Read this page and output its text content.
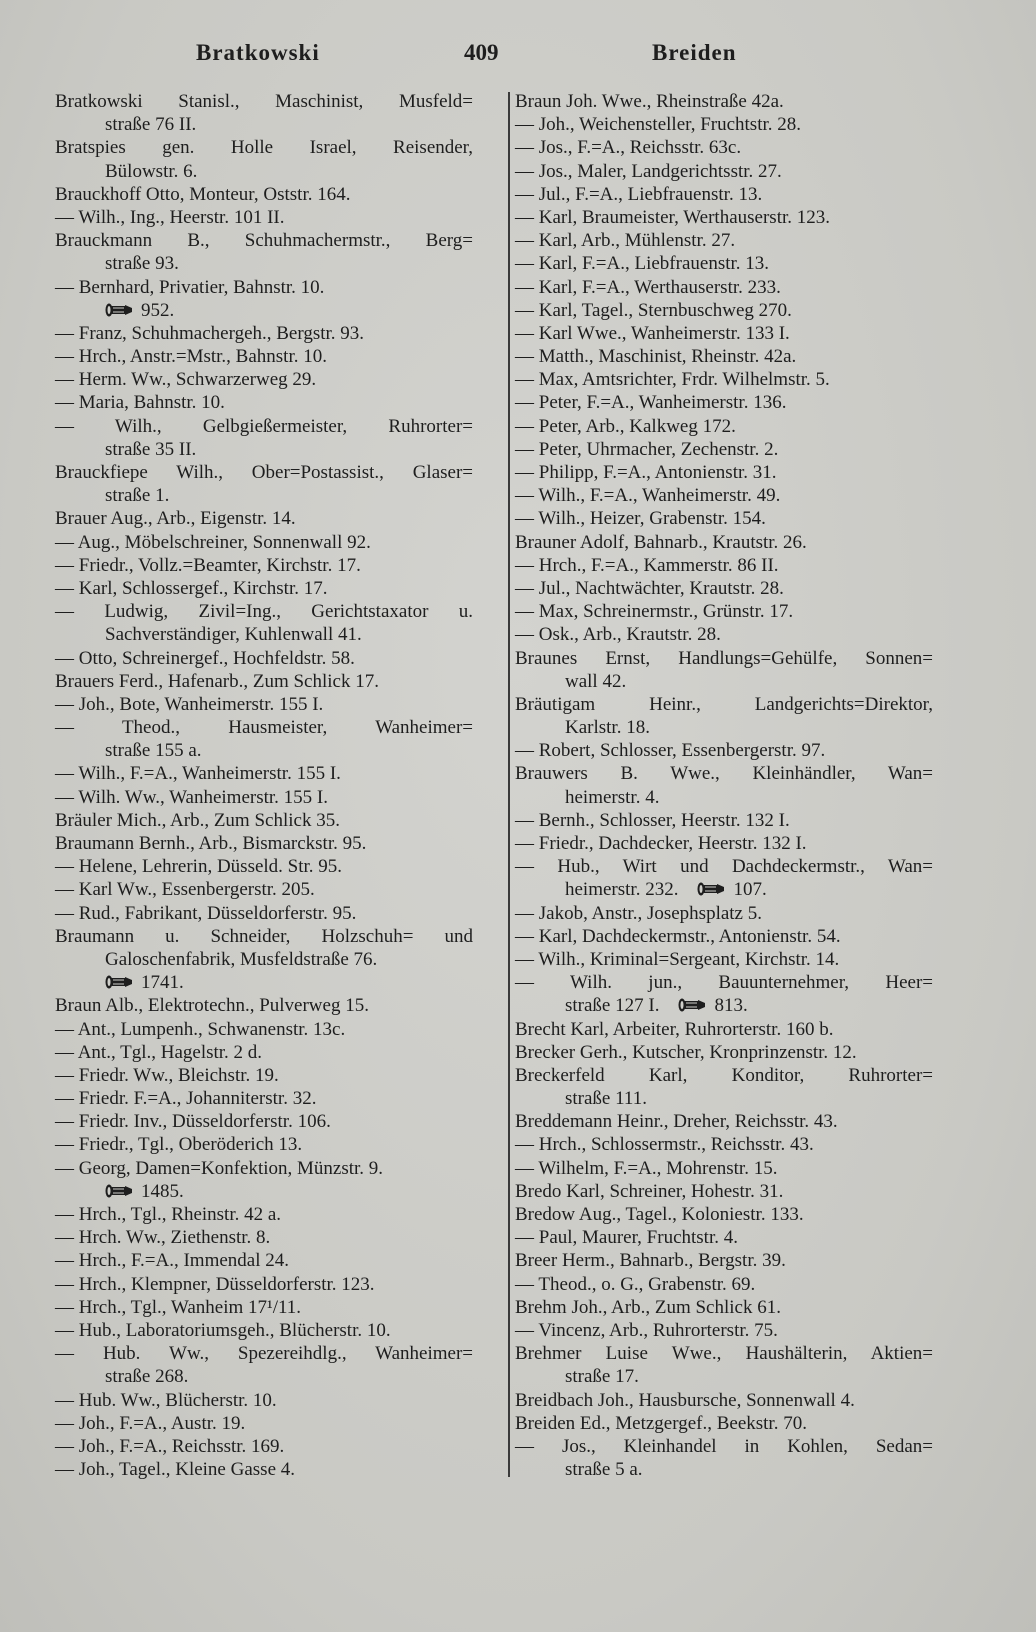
Bratkowski	409	Breiden
Bratkowski Stanisl., Maschinist, Musfeld=
straße 76 II.
Bratspies gen. Holle Israel, Reisender,
Bülowstr. 6.
Brauckhoff Otto, Monteur, Oststr. 164.
— Wilh., Ing., Heerstr. 101 II.
Brauckmann B., Schuhmachermstr., Berg=
straße 93.
— Bernhard, Privatier, Bahnstr. 10.
952.
— Franz, Schuhmachergeh., Bergstr. 93.
— Hrch., Anstr.=Mstr., Bahnstr. 10.
— Herm. Ww., Schwarzerweg 29.
— Maria, Bahnstr. 10.
— Wilh., Gelbgießermeister, Ruhrorter=
straße 35 II.
Brauckfiepe Wilh., Ober=Postassist., Glaser=
straße 1.
Brauer Aug., Arb., Eigenstr. 14.
— Aug., Möbelschreiner, Sonnenwall 92.
— Friedr., Vollz.=Beamter, Kirchstr. 17.
— Karl, Schlossergef., Kirchstr. 17.
— Ludwig, Zivil=Ing., Gerichtstaxator u.
Sachverständiger, Kuhlenwall 41.
— Otto, Schreinergef., Hochfeldstr. 58.
Brauers Ferd., Hafenarb., Zum Schlick 17.
— Joh., Bote, Wanheimerstr. 155 I.
— Theod., Hausmeister, Wanheimer=
straße 155 a.
— Wilh., F.=A., Wanheimerstr. 155 I.
— Wilh. Ww., Wanheimerstr. 155 I.
Bräuler Mich., Arb., Zum Schlick 35.
Braumann Bernh., Arb., Bismarckstr. 95.
— Helene, Lehrerin, Düsseld. Str. 95.
— Karl Ww., Essenbergerstr. 205.
— Rud., Fabrikant, Düsseldorferstr. 95.
Braumann u. Schneider, Holzschuh= und
Galoschenfabrik, Musfeldstraße 76.
1741.
Braun Alb., Elektrotechn., Pulverweg 15.
— Ant., Lumpenh., Schwanenstr. 13c.
— Ant., Tgl., Hagelstr. 2 d.
— Friedr. Ww., Bleichstr. 19.
— Friedr. F.=A., Johanniterstr. 32.
— Friedr. Inv., Düsseldorferstr. 106.
— Friedr., Tgl., Oberöderich 13.
— Georg, Damen=Konfektion, Münzstr. 9.
1485.
— Hrch., Tgl., Rheinstr. 42 a.
— Hrch. Ww., Ziethenstr. 8.
— Hrch., F.=A., Immendal 24.
— Hrch., Klempner, Düsseldorferstr. 123.
— Hrch., Tgl., Wanheim 17¹/11.
— Hub., Laboratoriumsgeh., Blücherstr. 10.
— Hub. Ww., Spezereihdlg., Wanheimer=
straße 268.
— Hub. Ww., Blücherstr. 10.
— Joh., F.=A., Austr. 19.
— Joh., F.=A., Reichsstr. 169.
— Joh., Tagel., Kleine Gasse 4.
Braun Joh. Wwe., Rheinstraße 42a.
— Joh., Weichensteller, Fruchtstr. 28.
— Jos., F.=A., Reichsstr. 63c.
— Jos., Maler, Landgerichtsstr. 27.
— Jul., F.=A., Liebfrauenstr. 13.
— Karl, Braumeister, Werthauserstr. 123.
— Karl, Arb., Mühlenstr. 27.
— Karl, F.=A., Liebfrauenstr. 13.
— Karl, F.=A., Werthauserstr. 233.
— Karl, Tagel., Sternbuschweg 270.
— Karl Wwe., Wanheimerstr. 133 I.
— Matth., Maschinist, Rheinstr. 42a.
— Max, Amtsrichter, Frdr. Wilhelmstr. 5.
— Peter, F.=A., Wanheimerstr. 136.
— Peter, Arb., Kalkweg 172.
— Peter, Uhrmacher, Zechenstr. 2.
— Philipp, F.=A., Antonienstr. 31.
— Wilh., F.=A., Wanheimerstr. 49.
— Wilh., Heizer, Grabenstr. 154.
Brauner Adolf, Bahnarb., Krautstr. 26.
— Hrch., F.=A., Kammerstr. 86 II.
— Jul., Nachtwächter, Krautstr. 28.
— Max, Schreinermstr., Grünstr. 17.
— Osk., Arb., Krautstr. 28.
Braunes Ernst, Handlungs=Gehülfe, Sonnen=
wall 42.
Bräutigam Heinr., Landgerichts=Direktor,
Karlstr. 18.
— Robert, Schlosser, Essenbergerstr. 97.
Brauwers B. Wwe., Kleinhändler, Wan=
heimerstr. 4.
— Bernh., Schlosser, Heerstr. 132 I.
— Friedr., Dachdecker, Heerstr. 132 I.
— Hub., Wirt und Dachdeckermstr., Wan=
heimerstr. 232. 	107.
— Jakob, Anstr., Josephsplatz 5.
— Karl, Dachdeckermstr., Antonienstr. 54.
— Wilh., Kriminal=Sergeant, Kirchstr. 14.
— Wilh. jun., Bauunternehmer, Heer=
straße 127 I. 	813.
Brecht Karl, Arbeiter, Ruhrorterstr. 160 b.
Brecker Gerh., Kutscher, Kronprinzenstr. 12.
Breckerfeld Karl, Konditor, Ruhrorter=
straße 111.
Breddemann Heinr., Dreher, Reichsstr. 43.
— Hrch., Schlossermstr., Reichsstr. 43.
— Wilhelm, F.=A., Mohrenstr. 15.
Bredo Karl, Schreiner, Hohestr. 31.
Bredow Aug., Tagel., Koloniestr. 133.
— Paul, Maurer, Fruchtstr. 4.
Breer Herm., Bahnarb., Bergstr. 39.
— Theod., o. G., Grabenstr. 69.
Brehm Joh., Arb., Zum Schlick 61.
— Vincenz, Arb., Ruhrorterstr. 75.
Brehmer Luise Wwe., Haushälterin, Aktien=
straße 17.
Breidbach Joh., Hausbursche, Sonnenwall 4.
Breiden Ed., Metzgergef., Beekstr. 70.
— Jos., Kleinhandel in Kohlen, Sedan=
straße 5 a.
